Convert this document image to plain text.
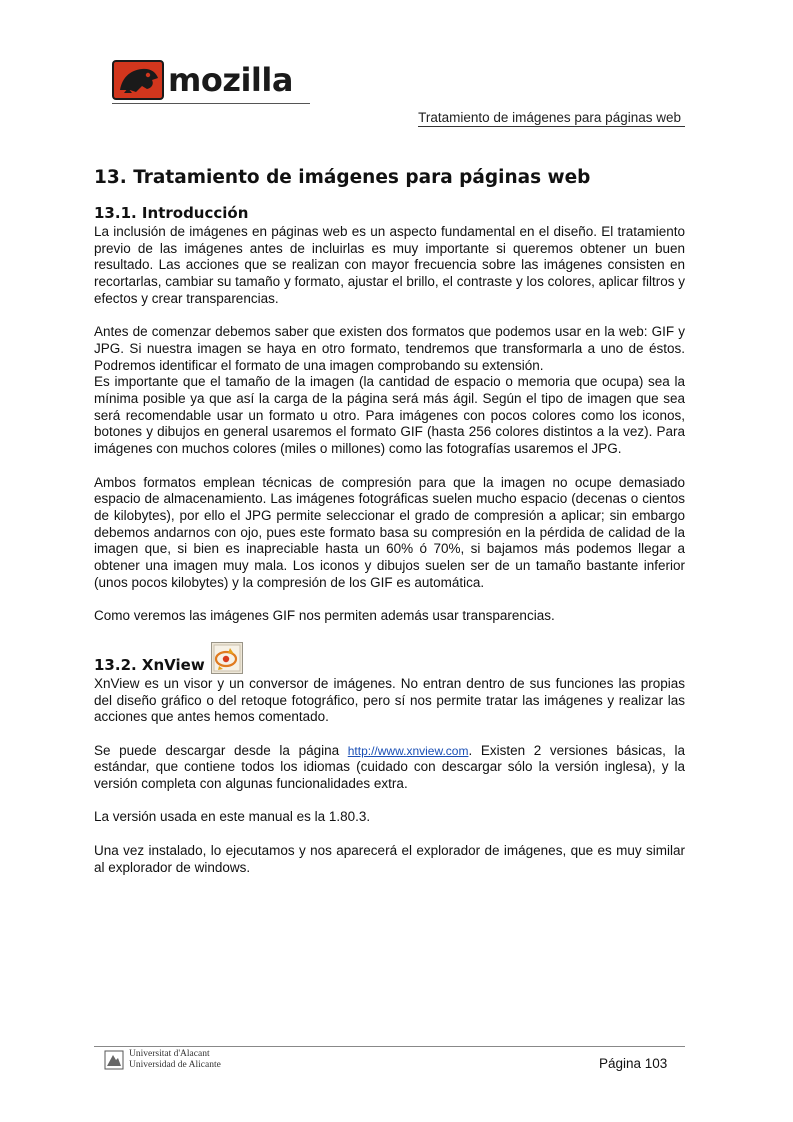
mozilla
Tratamiento de imágenes para páginas web
13. Tratamiento de imágenes para páginas web
13.1. Introducción

La inclusión de imágenes en páginas web es un aspecto fundamental en el diseño. El tratamiento previo de las imágenes antes de incluirlas es muy importante si queremos obtener un buen resultado. Las acciones que se realizan con mayor frecuencia sobre las imágenes consisten en recortarlas, cambiar su tamaño y formato, ajustar el brillo, el contraste y los colores, aplicar filtros y efectos y crear transparencias.

Antes de comenzar debemos saber que existen dos formatos que podemos usar en la web: GIF y JPG. Si nuestra imagen se haya en otro formato, tendremos que transformarla a uno de éstos. Podremos identificar el formato de una imagen comprobando su extensión.

Es importante que el tamaño de la imagen (la cantidad de espacio o memoria que ocupa) sea la mínima posible ya que así la carga de la página será más ágil. Según el tipo de imagen que sea será recomendable usar un formato u otro. Para imágenes con pocos colores como los iconos, botones y dibujos en general usaremos el formato GIF (hasta 256 colores distintos a la vez). Para imágenes con muchos colores (miles o millones) como las fotografías usaremos el JPG.

Ambos formatos emplean técnicas de compresión para que la imagen no ocupe demasiado espacio de almacenamiento. Las imágenes fotográficas suelen mucho espacio (decenas o cientos de kilobytes), por ello el JPG permite seleccionar el grado de compresión a aplicar; sin embargo debemos andarnos con ojo, pues este formato basa su compresión en la pérdida de calidad de la imagen que, si bien es inapreciable hasta un 60% ó 70%, si bajamos más podemos llegar a obtener una imagen muy mala. Los iconos y dibujos suelen ser de un tamaño bastante inferior (unos pocos kilobytes) y la compresión de los GIF es automática.

Como veremos las imágenes GIF nos permiten además usar transparencias.

13.2. XnView

XnView es un visor y un conversor de imágenes. No entran dentro de sus funciones las propias del diseño gráfico o del retoque fotográfico, pero sí nos permite tratar las imágenes y realizar las acciones que antes hemos comentado.

Se puede descargar desde la página http://www.xnview.com. Existen 2 versiones básicas, la estándar, que contiene todos los idiomas (cuidado con descargar sólo la versión inglesa), y la versión completa con algunas funcionalidades extra.

La versión usada en este manual es la 1.80.3.

Una vez instalado, lo ejecutamos y nos aparecerá el explorador de imágenes, que es muy similar al explorador de windows.

Universitat d'Alacant
Universidad de Alicante	Página 103
